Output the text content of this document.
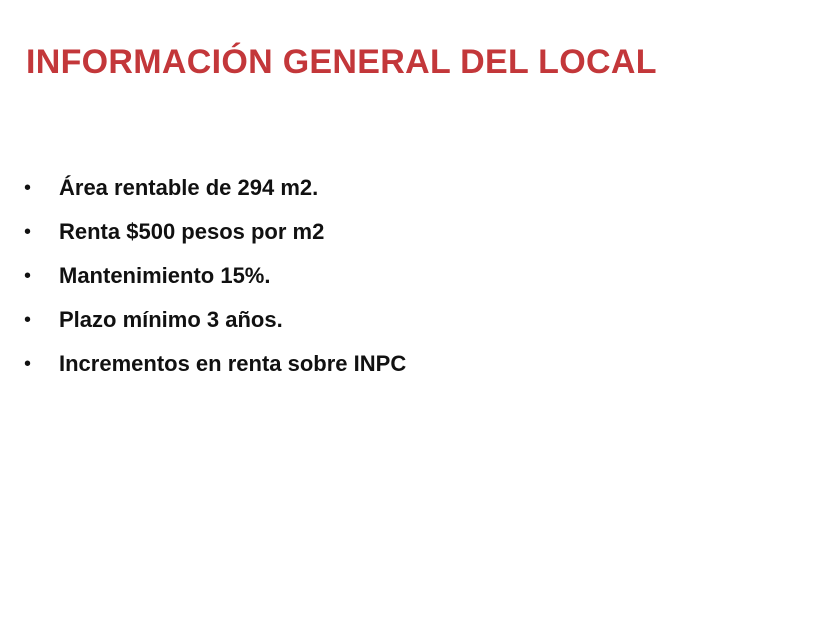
INFORMACIÓN GENERAL DEL LOCAL
•	Área rentable de 294 m2.
•	Renta $500 pesos por m2
•	Mantenimiento 15%.
•	Plazo mínimo 3 años.
•	Incrementos en renta sobre INPC
